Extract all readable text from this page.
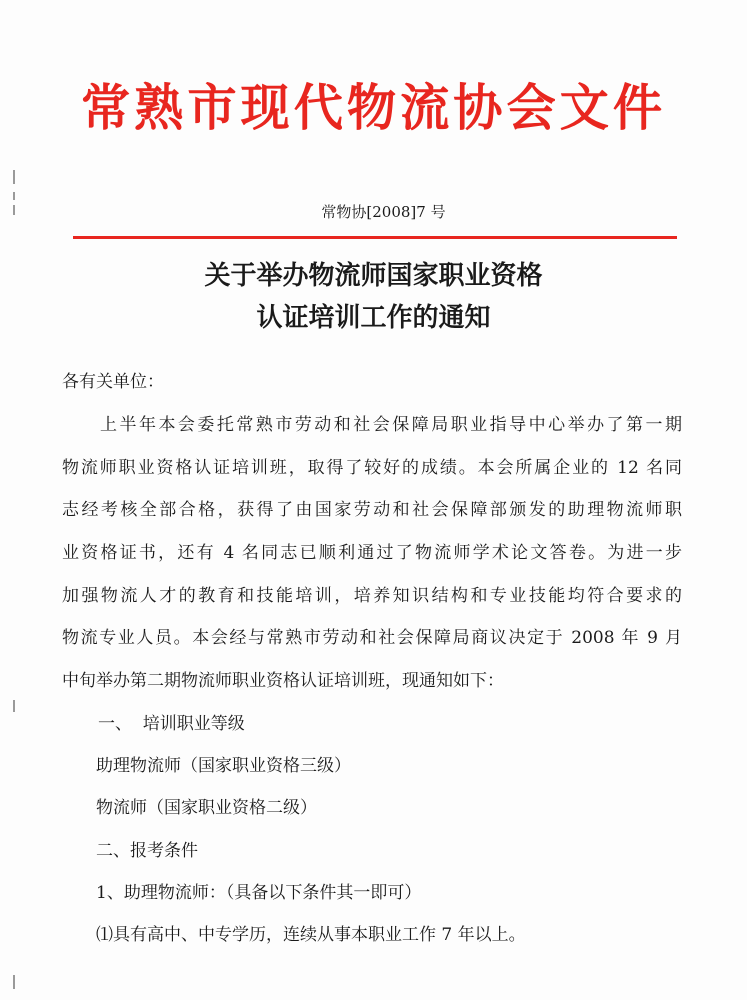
常熟市现代物流协会文件
常物协[2008]7 号
关于举办物流师国家职业资格
认证培训工作的通知
各有关单位：
上半年本会委托常熟市劳动和社会保障局职业指导中心举办了第一期
物流师职业资格认证培训班，取得了较好的成绩。本会所属企业的 12 名同
志经考核全部合格，获得了由国家劳动和社会保障部颁发的助理物流师职
业资格证书，还有 4 名同志已顺利通过了物流师学术论文答卷。为进一步
加强物流人才的教育和技能培训，培养知识结构和专业技能均符合要求的
物流专业人员。本会经与常熟市劳动和社会保障局商议决定于 2008 年 9 月
中旬举办第二期物流师职业资格认证培训班，现通知如下：
一、  培训职业等级
助理物流师（国家职业资格三级）
物流师（国家职业资格二级）
二、报考条件
1、助理物流师：（具备以下条件其一即可）
⑴具有高中、中专学历，连续从事本职业工作 7 年以上。
